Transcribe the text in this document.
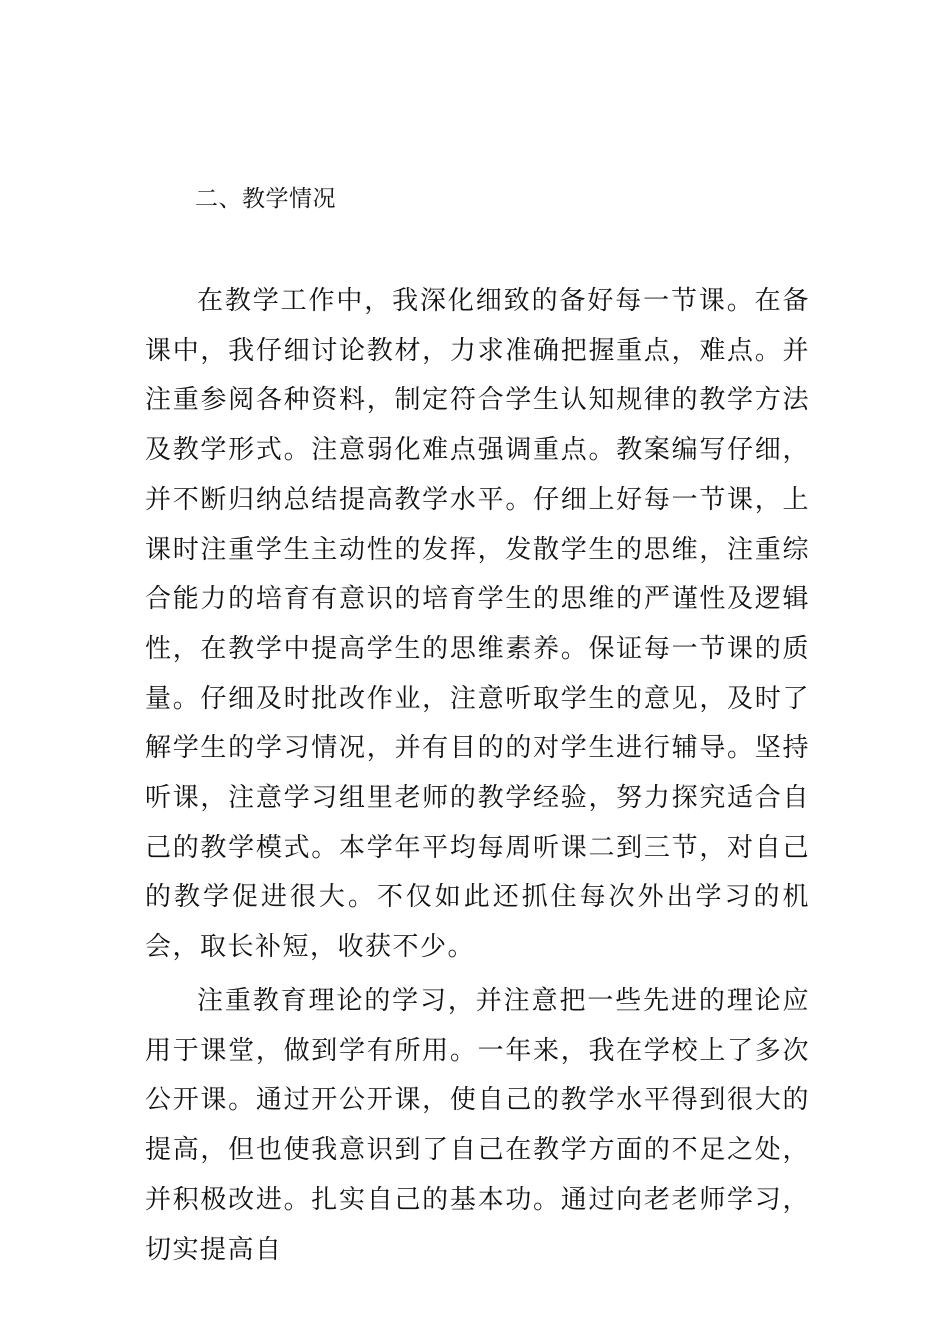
二、教学情况

在教学工作中，我深化细致的备好每一节课。在备课中，我仔细讨论教材，力求准确把握重点，难点。并注重参阅各种资料，制定符合学生认知规律的教学方法及教学形式。注意弱化难点强调重点。教案编写仔细，并不断归纳总结提高教学水平。仔细上好每一节课，上课时注重学生主动性的发挥，发散学生的思维，注重综合能力的培育有意识的培育学生的思维的严谨性及逻辑性，在教学中提高学生的思维素养。保证每一节课的质量。仔细及时批改作业，注意听取学生的意见，及时了解学生的学习情况，并有目的的对学生进行辅导。坚持听课，注意学习组里老师的教学经验，努力探究适合自己的教学模式。本学年平均每周听课二到三节，对自己的教学促进很大。不仅如此还抓住每次外出学习的机会，取长补短，收获不少。

注重教育理论的学习，并注意把一些先进的理论应用于课堂，做到学有所用。一年来，我在学校上了多次公开课。通过开公开课，使自己的教学水平得到很大的提高，但也使我意识到了自己在教学方面的不足之处，并积极改进。扎实自己的基本功。通过向老老师学习，切实提高自
